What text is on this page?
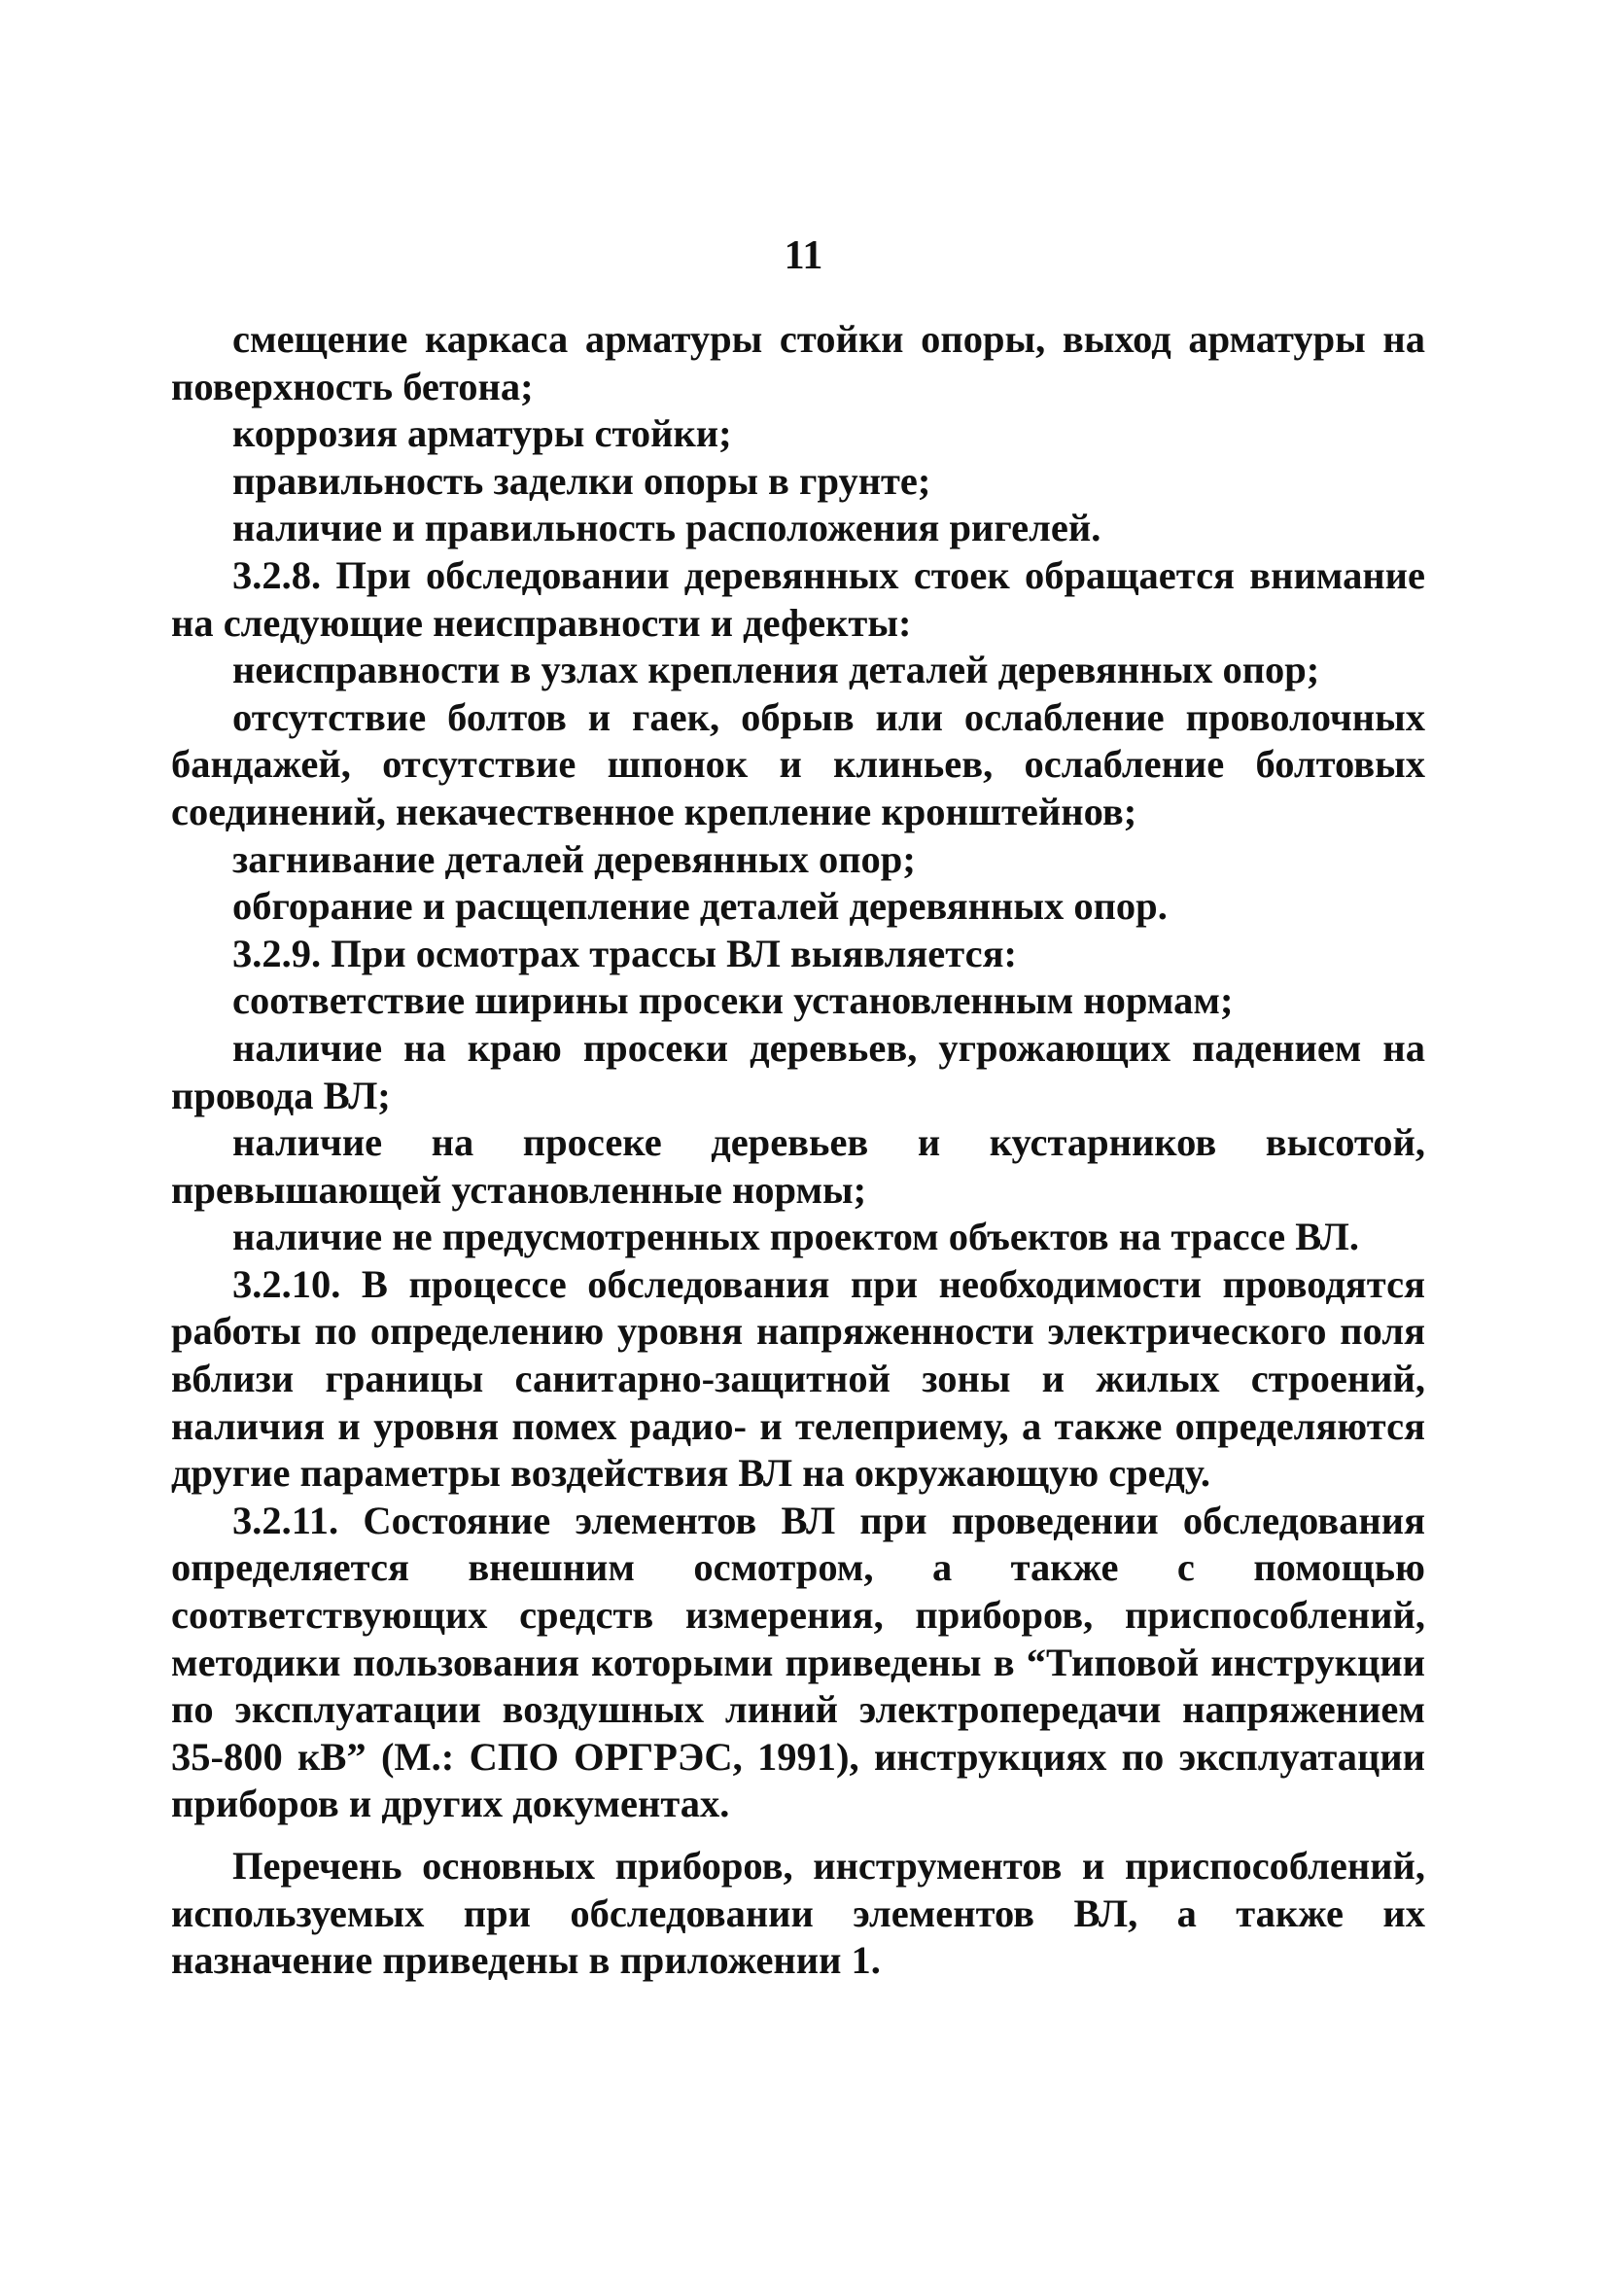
11

смещение каркаса арматуры стойки опоры, выход арматуры на поверхность бетона;

коррозия арматуры стойки;

правильность заделки опоры в грунте;

наличие и правильность расположения ригелей.

3.2.8. При обследовании деревянных стоек обращается внимание на следующие неисправности и дефекты:

неисправности в узлах крепления деталей деревянных опор;

отсутствие болтов и гаек, обрыв или ослабление проволочных бандажей, отсутствие шпонок и клиньев, ослабление болтовых соединений, некачественное крепление кронштейнов;

загнивание деталей деревянных опор;

обгорание и расщепление деталей деревянных опор.

3.2.9. При осмотрах трассы ВЛ выявляется:

соответствие ширины просеки установленным нормам;

наличие на краю просеки деревьев, угрожающих падением на провода ВЛ;

наличие на просеке деревьев и кустарников высотой, превышающей установленные нормы;

наличие не предусмотренных проектом объектов на трассе ВЛ.

3.2.10. В процессе обследования при необходимости проводятся работы по определению уровня напряженности электрического поля вблизи границы санитарно-защитной зоны и жилых строений, наличия и уровня помех радио- и телеприему, а также определяются другие параметры воздействия ВЛ на окружающую среду.

3.2.11. Состояние элементов ВЛ при проведении обследования определяется внешним осмотром, а также с помощью соответствующих средств измерения, приборов, приспособлений, методики пользования которыми приведены в “Типовой инструкции по эксплуатации воздушных линий электропередачи напряжением 35-800 кВ” (М.: СПО ОРГРЭС, 1991), инструкциях по эксплуатации приборов и других документах.

Перечень основных приборов, инструментов и приспособлений, используемых при обследовании элементов ВЛ, а также их назначение приведены в приложении 1.
